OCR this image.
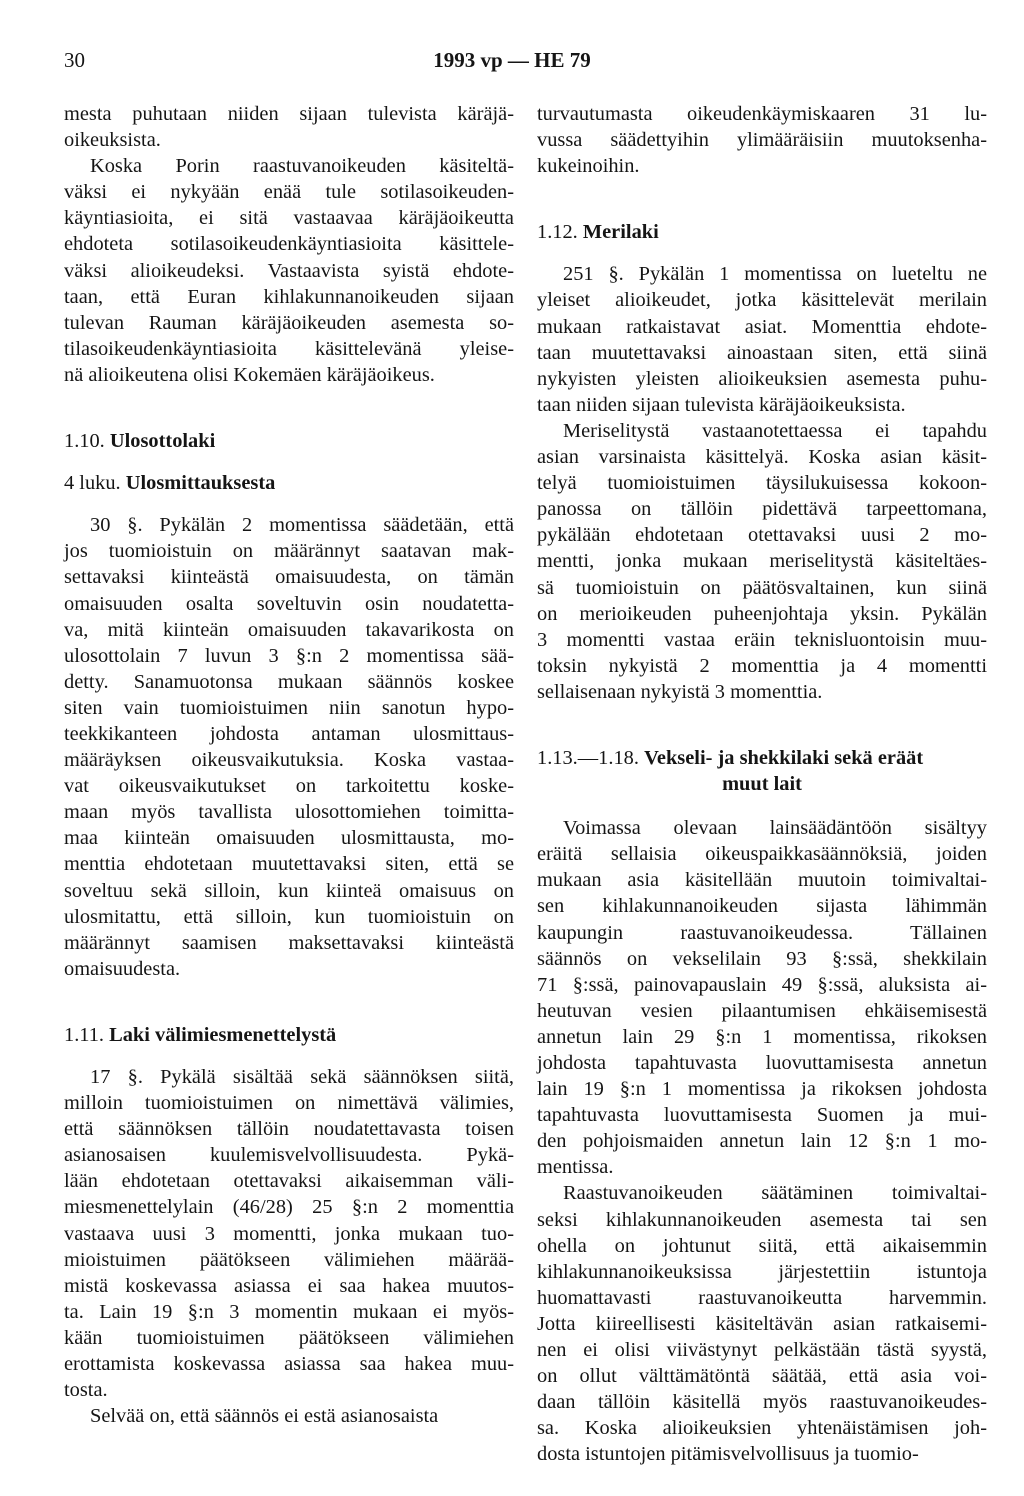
30	1993 vp — HE 79

mesta puhutaan niiden sijaan tulevista käräjä-

oikeuksista.

Koska Porin raastuvanoikeuden käsiteltä-

väksi ei nykyään enää tule sotilasoikeuden-

käyntiasioita, ei sitä vastaavaa käräjäoikeutta

ehdoteta sotilasoikeudenkäyntiasioita käsittele-

väksi alioikeudeksi. Vastaavista syistä ehdote-

taan, että Euran kihlakunnanoikeuden sijaan

tulevan Rauman käräjäoikeuden asemesta so-

tilasoikeudenkäyntiasioita käsittelevänä yleise-

nä alioikeutena olisi Kokemäen käräjäoikeus.

1.10. Ulosottolaki

4 luku. Ulosmittauksesta

30 §. Pykälän 2 momentissa säädetään, että

jos tuomioistuin on määrännyt saatavan mak-

settavaksi kiinteästä omaisuudesta, on tämän

omaisuuden osalta soveltuvin osin noudatetta-

va, mitä kiinteän omaisuuden takavarikosta on

ulosottolain 7 luvun 3 §:n 2 momentissa sää-

detty. Sanamuotonsa mukaan säännös koskee

siten vain tuomioistuimen niin sanotun hypo-

teekkikanteen johdosta antaman ulosmittaus-

määräyksen oikeusvaikutuksia. Koska vastaa-

vat oikeusvaikutukset on tarkoitettu koske-

maan myös tavallista ulosottomiehen toimitta-

maa kiinteän omaisuuden ulosmittausta, mo-

menttia ehdotetaan muutettavaksi siten, että se

soveltuu sekä silloin, kun kiinteä omaisuus on

ulosmitattu, että silloin, kun tuomioistuin on

määrännyt saamisen maksettavaksi kiinteästä

omaisuudesta.

1.11. Laki välimiesmenettelystä

17 §. Pykälä sisältää sekä säännöksen siitä,

milloin tuomioistuimen on nimettävä välimies,

että säännöksen tällöin noudatettavasta toisen

asianosaisen kuulemisvelvollisuudesta. Pykä-

lään ehdotetaan otettavaksi aikaisemman väli-

miesmenettelylain (46/28) 25 §:n 2 momenttia

vastaava uusi 3 momentti, jonka mukaan tuo-

mioistuimen päätökseen välimiehen määrää-

mistä koskevassa asiassa ei saa hakea muutos-

ta. Lain 19 §:n 3 momentin mukaan ei myös-

kään tuomioistuimen päätökseen välimiehen

erottamista koskevassa asiassa saa hakea muu-

tosta.

Selvää on, että säännös ei estä asianosaista

turvautumasta oikeudenkäymiskaaren 31 lu-

vussa säädettyihin ylimääräisiin muutoksenha-

kukeinoihin.

1.12. Merilaki

251 §. Pykälän 1 momentissa on lueteltu ne

yleiset alioikeudet, jotka käsittelevät merilain

mukaan ratkaistavat asiat. Momenttia ehdote-

taan muutettavaksi ainoastaan siten, että siinä

nykyisten yleisten alioikeuksien asemesta puhu-

taan niiden sijaan tulevista käräjäoikeuksista.

Meriselitystä vastaanotettaessa ei tapahdu

asian varsinaista käsittelyä. Koska asian käsit-

telyä tuomioistuimen täysilukuisessa kokoon-

panossa on tällöin pidettävä tarpeettomana,

pykälään ehdotetaan otettavaksi uusi 2 mo-

mentti, jonka mukaan meriselitystä käsiteltäes-

sä tuomioistuin on päätösvaltainen, kun siinä

on merioikeuden puheenjohtaja yksin. Pykälän

3 momentti vastaa eräin teknisluontoisin muu-

toksin nykyistä 2 momenttia ja 4 momentti

sellaisenaan nykyistä 3 momenttia.

1.13.—1.18. Vekseli- ja shekkilaki sekä eräät

muut lait

Voimassa olevaan lainsäädäntöön sisältyy

eräitä sellaisia oikeuspaikkasäännöksiä, joiden

mukaan asia käsitellään muutoin toimivaltai-

sen kihlakunnanoikeuden sijasta lähimmän

kaupungin raastuvanoikeudessa. Tällainen

säännös on vekselilain 93 §:ssä, shekkilain

71 §:ssä, painovapauslain 49 §:ssä, aluksista ai-

heutuvan vesien pilaantumisen ehkäisemisestä

annetun lain 29 §:n 1 momentissa, rikoksen

johdosta tapahtuvasta luovuttamisesta annetun

lain 19 §:n 1 momentissa ja rikoksen johdosta

tapahtuvasta luovuttamisesta Suomen ja mui-

den pohjoismaiden annetun lain 12 §:n 1 mo-

mentissa.

Raastuvanoikeuden säätäminen toimivaltai-

seksi kihlakunnanoikeuden asemesta tai sen

ohella on johtunut siitä, että aikaisemmin

kihlakunnanoikeuksissa järjestettiin istuntoja

huomattavasti raastuvanoikeutta harvemmin.

Jotta kiireellisesti käsiteltävän asian ratkaisemi-

nen ei olisi viivästynyt pelkästään tästä syystä,

on ollut välttämätöntä säätää, että asia voi-

daan tällöin käsitellä myös raastuvanoikeudes-

sa. Koska alioikeuksien yhtenäistämisen joh-

dosta istuntojen pitämisvelvollisuus ja tuomio-
